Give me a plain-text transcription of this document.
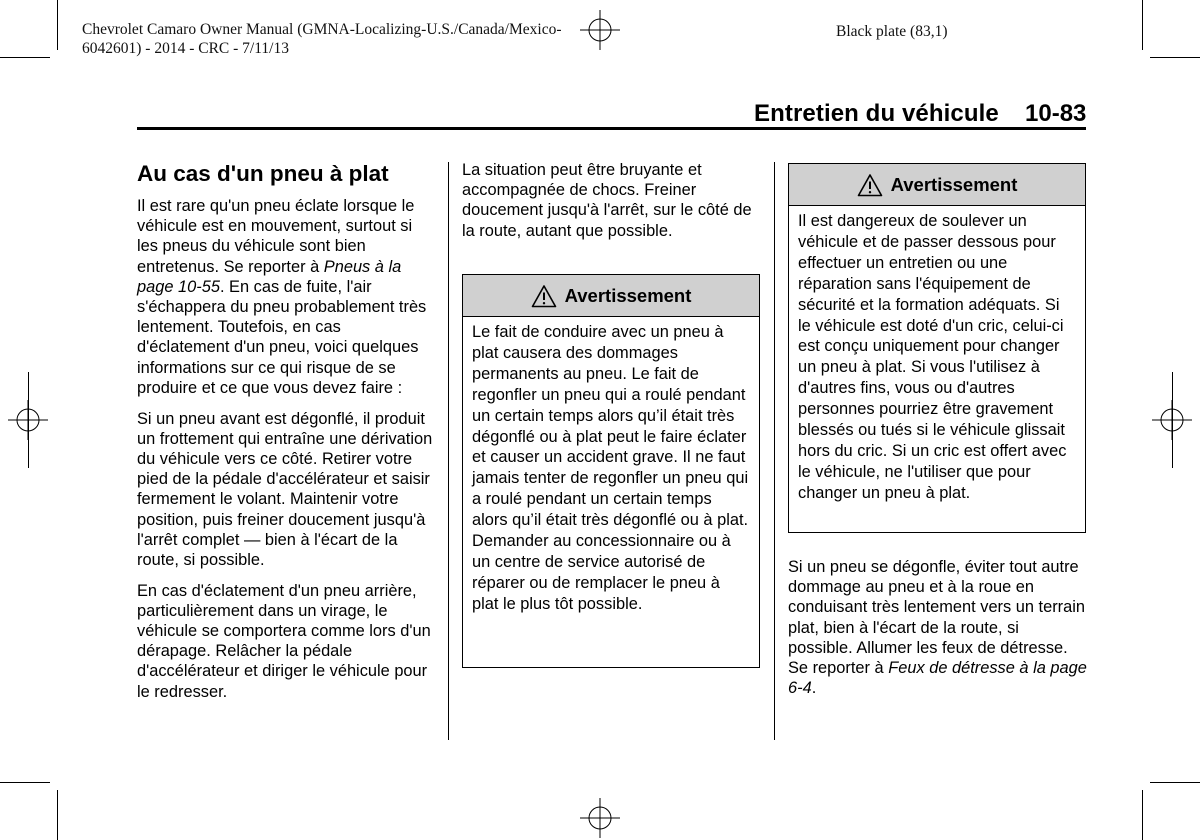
Chevrolet Camaro Owner Manual (GMNA-Localizing-U.S./Canada/Mexico-
6042601) - 2014 - CRC - 7/11/13
Black plate (83,1)
Entretien du véhicule 10-83
Au cas d'un pneu à plat

Il est rare qu'un pneu éclate lorsque le véhicule est en mouvement, surtout si les pneus du véhicule sont bien entretenus. Se reporter à Pneus à la page 10-55. En cas de fuite, l'air s'échappera du pneu probablement très lentement. Toutefois, en cas d'éclatement d'un pneu, voici quelques informations sur ce qui risque de se produire et ce que vous devez faire :

Si un pneu avant est dégonflé, il produit un frottement qui entraîne une dérivation du véhicule vers ce côté. Retirer votre pied de la pédale d'accélérateur et saisir fermement le volant. Maintenir votre position, puis freiner doucement jusqu'à l'arrêt complet — bien à l'écart de la route, si possible.

En cas d'éclatement d'un pneu arrière, particulièrement dans un virage, le véhicule se comportera comme lors d'un dérapage. Relâcher la pédale d'accélérateur et diriger le véhicule pour le redresser.

La situation peut être bruyante et accompagnée de chocs. Freiner doucement jusqu'à l'arrêt, sur le côté de la route, autant que possible.

Avertissement
Le fait de conduire avec un pneu à plat causera des dommages permanents au pneu. Le fait de regonfler un pneu qui a roulé pendant un certain temps alors qu’il était très dégonflé ou à plat peut le faire éclater et causer un accident grave. Il ne faut jamais tenter de regonfler un pneu qui a roulé pendant un certain temps alors qu’il était très dégonflé ou à plat. Demander au concessionnaire ou à un centre de service autorisé de réparer ou de remplacer le pneu à plat le plus tôt possible.
Avertissement
Il est dangereux de soulever un véhicule et de passer dessous pour effectuer un entretien ou une réparation sans l'équipement de sécurité et la formation adéquats. Si le véhicule est doté d'un cric, celui-ci est conçu uniquement pour changer un pneu à plat. Si vous l'utilisez à d'autres fins, vous ou d'autres personnes pourriez être gravement blessés ou tués si le véhicule glissait hors du cric. Si un cric est offert avec le véhicule, ne l'utiliser que pour changer un pneu à plat.

Si un pneu se dégonfle, éviter tout autre dommage au pneu et à la roue en conduisant très lentement vers un terrain plat, bien à l'écart de la route, si possible. Allumer les feux de détresse. Se reporter à Feux de détresse à la page 6-4.
